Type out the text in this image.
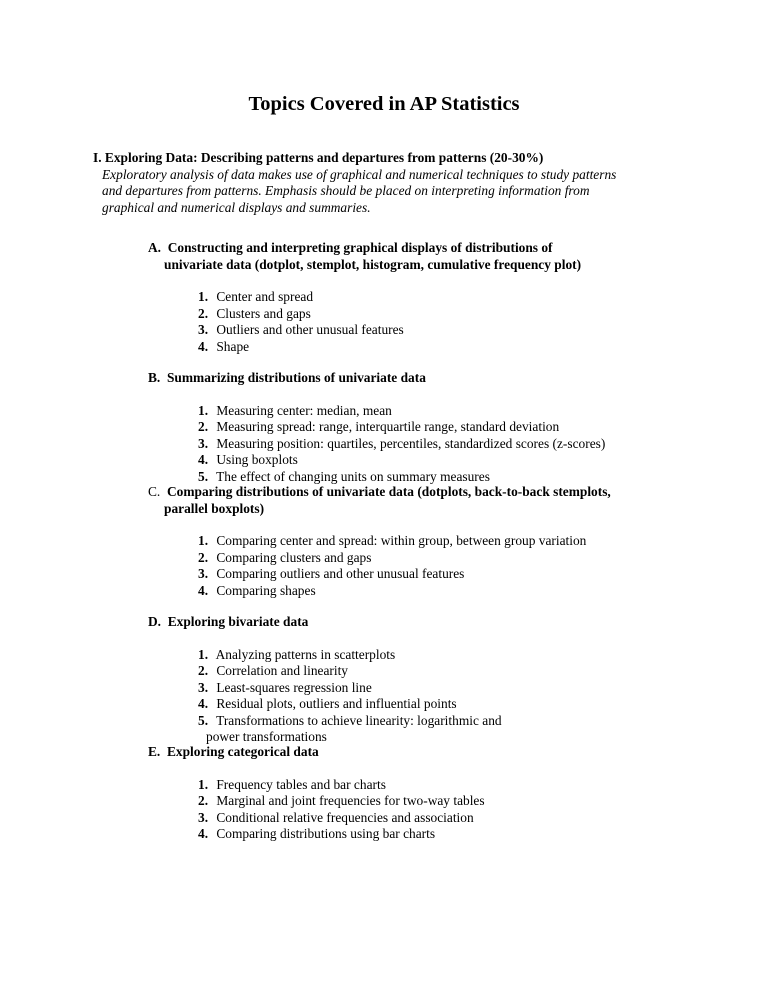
Topics Covered in AP Statistics

I. Exploring Data: Describing patterns and departures from patterns (20-30%)

Exploratory analysis of data makes use of graphical and numerical techniques to study patterns and departures from patterns. Emphasis should be placed on interpreting information from graphical and numerical displays and summaries.

A. Constructing and interpreting graphical displays of distributions of
univariate data (dotplot, stemplot, histogram, cumulative frequency plot)

1. Center and spread
2. Clusters and gaps
3. Outliers and other unusual features
4. Shape

B. Summarizing distributions of univariate data

1. Measuring center: median, mean
2. Measuring spread: range, interquartile range, standard deviation
3. Measuring position: quartiles, percentiles, standardized scores (z-scores)
4. Using boxplots
5. The effect of changing units on summary measures

C. Comparing distributions of univariate data (dotplots, back-to-back stemplots,
parallel boxplots)

1. Comparing center and spread: within group, between group variation
2. Comparing clusters and gaps
3. Comparing outliers and other unusual features
4. Comparing shapes

D. Exploring bivariate data

1. Analyzing patterns in scatterplots
2. Correlation and linearity
3. Least-squares regression line
4. Residual plots, outliers and influential points
5. Transformations to achieve linearity: logarithmic and
power transformations

E. Exploring categorical data

1. Frequency tables and bar charts
2. Marginal and joint frequencies for two-way tables
3. Conditional relative frequencies and association
4. Comparing distributions using bar charts
